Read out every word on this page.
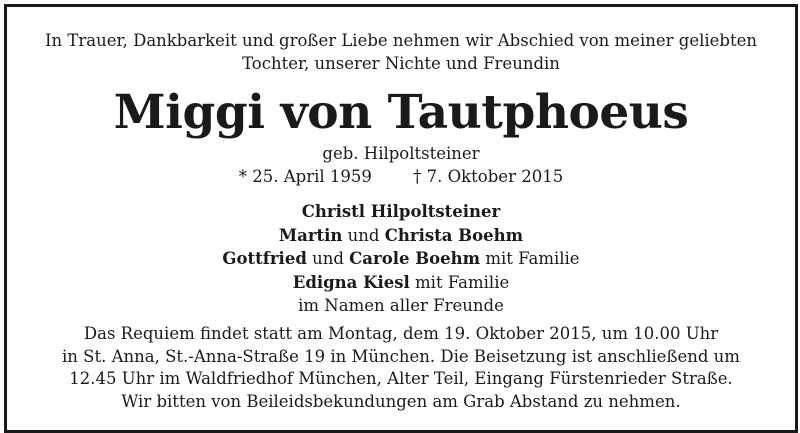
In Trauer, Dankbarkeit und großer Liebe nehmen wir Abschied von meiner geliebten
Tochter, unserer Nichte und Freundin
Miggi von Tautphoeus
geb. Hilpoltsteiner
* 25. April 1959	† 7. Oktober 2015
Christl Hilpoltsteiner
Martin und Christa Boehm
Gottfried und Carole Boehm mit Familie
Edigna Kiesl mit Familie
im Namen aller Freunde
Das Requiem findet statt am Montag, dem 19. Oktober 2015, um 10.00 Uhr
in St. Anna, St.-Anna-Straße 19 in München. Die Beisetzung ist anschließend um
12.45 Uhr im Waldfriedhof München, Alter Teil, Eingang Fürstenrieder Straße.
Wir bitten von Beileidsbekundungen am Grab Abstand zu nehmen.
